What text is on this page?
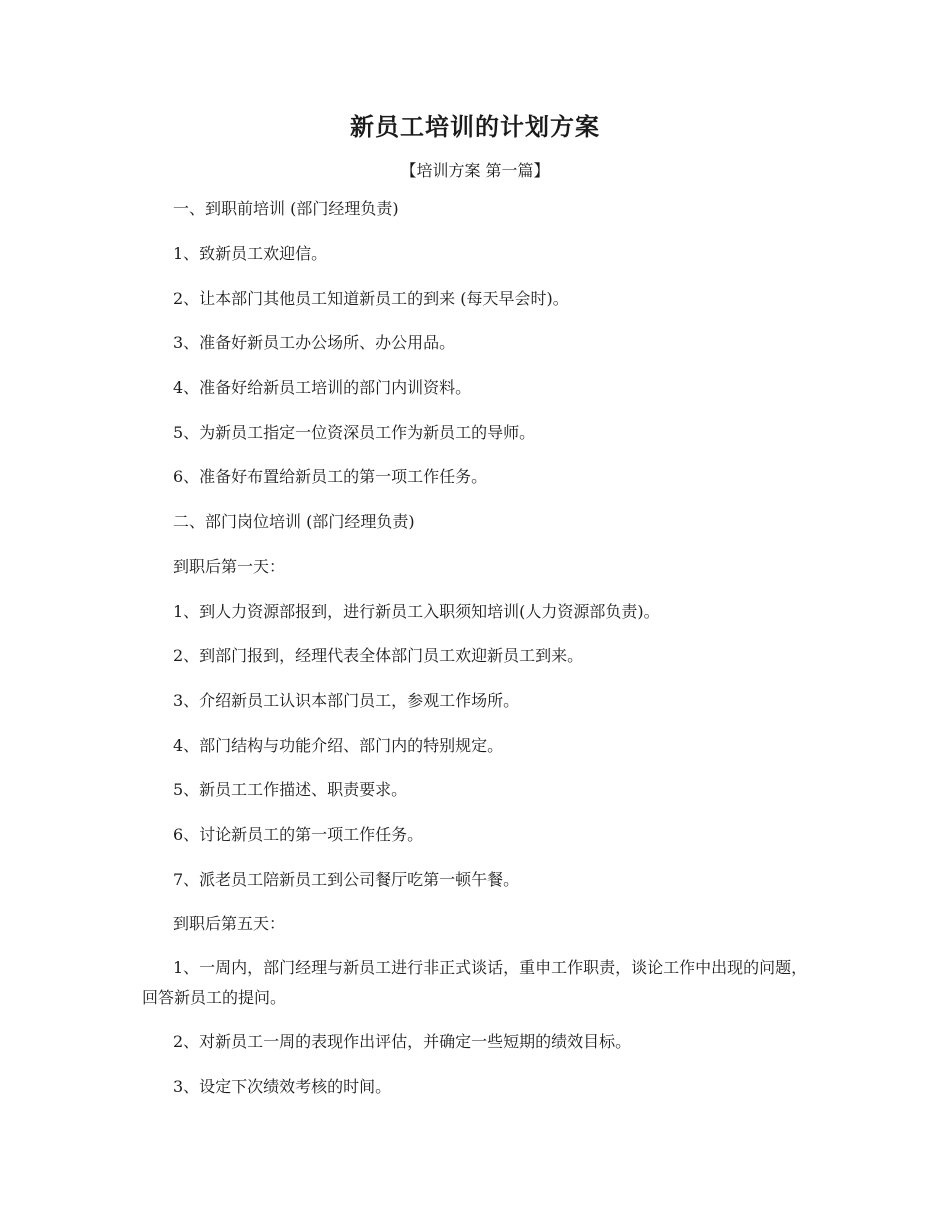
新员工培训的计划方案
【培训方案 第一篇】
一、到职前培训 (部门经理负责)
1、致新员工欢迎信。
2、让本部门其他员工知道新员工的到来 (每天早会时)。
3、准备好新员工办公场所、办公用品。
4、准备好给新员工培训的部门内训资料。
5、为新员工指定一位资深员工作为新员工的导师。
6、准备好布置给新员工的第一项工作任务。
二、部门岗位培训 (部门经理负责)
到职后第一天：
1、到人力资源部报到，进行新员工入职须知培训(人力资源部负责)。
2、到部门报到，经理代表全体部门员工欢迎新员工到来。
3、介绍新员工认识本部门员工，参观工作场所。
4、部门结构与功能介绍、部门内的特别规定。
5、新员工工作描述、职责要求。
6、讨论新员工的第一项工作任务。
7、派老员工陪新员工到公司餐厅吃第一顿午餐。
到职后第五天：
1、一周内，部门经理与新员工进行非正式谈话，重申工作职责，谈论工作中出现的问题，回答新员工的提问。
2、对新员工一周的表现作出评估，并确定一些短期的绩效目标。
3、设定下次绩效考核的时间。
